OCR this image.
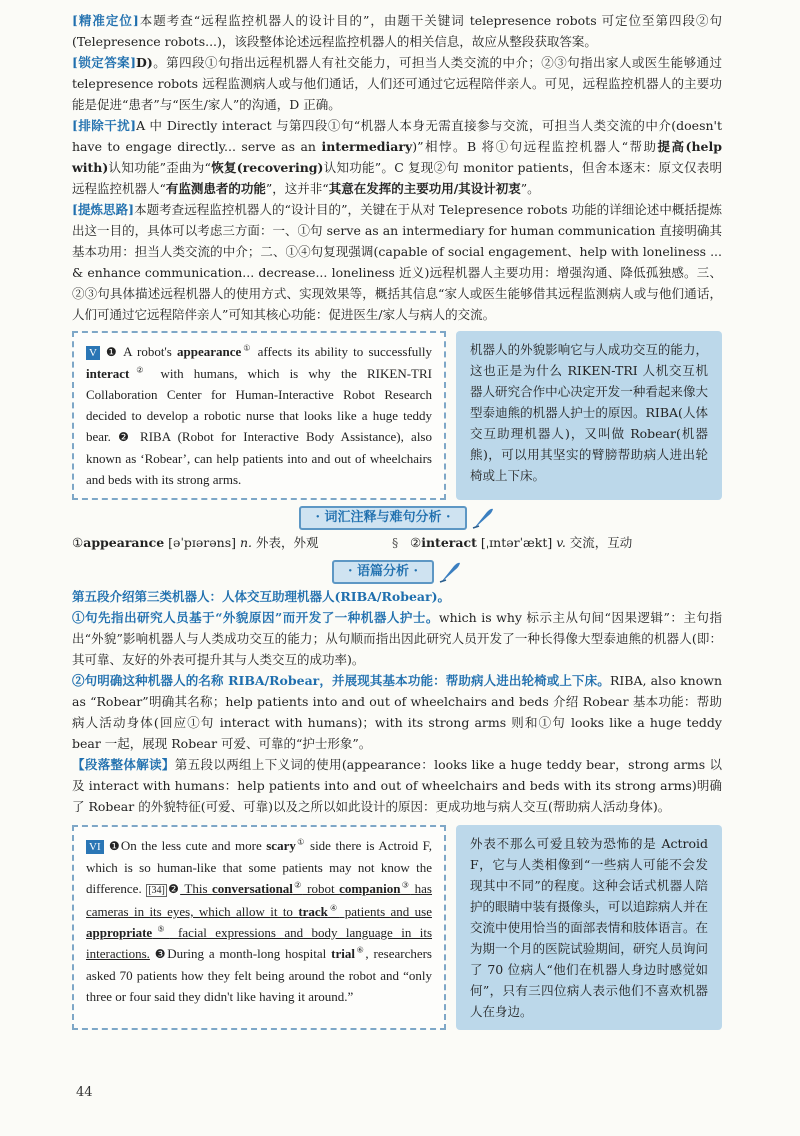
[精准定位]本题考查“远程监控机器人的设计目的”，由题干关键词 telepresence robots 可定位至第四段②句(Telepresence robots...)，该段整体论述远程监控机器人的相关信息，故应从整段获取答案。

[锁定答案]D)。第四段①句指出远程机器人有社交能力，可担当人类交流的中介；②③句指出家人或医生能够通过 telepresence robots 远程监测病人或与他们通话，人们还可通过它远程陪伴亲人。可见，远程监控机器人的主要功能是促进“患者”与“医生/家人”的沟通，D 正确。

[排除干扰]A 中 Directly interact 与第四段①句“机器人本身无需直接参与交流，可担当人类交流的中介(doesn't have to engage directly... serve as an intermediary)”相悖。B 将①句远程监控机器人“帮助提高(help with)认知功能”歪曲为“恢复(recovering)认知功能”。C 复现②句 monitor patients，但舍本逐末：原文仅表明远程监控机器人“有监测患者的功能”，这并非“其意在发挥的主要功用/其设计初衷”。

[提炼思路]本题考查远程监控机器人的“设计目的”，关键在于从对 Telepresence robots 功能的详细论述中概括提炼出这一目的，具体可以考虑三方面：一、①句 serve as an intermediary for human communication 直接明确其基本功用：担当人类交流的中介；二、①④句复现强调(capable of social engagement、help with loneliness ... & enhance communication... decrease... loneliness 近义)远程机器人主要功用：增强沟通、降低孤独感。三、②③句具体描述远程机器人的使用方式、实现效果等，概括其信息“家人或医生能够借其远程监测病人或与他们通话，人们可通过它远程陪伴亲人”可知其核心功能：促进医生/家人与病人的交流。

V ❶ A robot's appearance① affects its ability to successfully interact② with humans, which is why the RIKEN-TRI Collaboration Center for Human-Interactive Robot Research decided to develop a robotic nurse that looks like a huge teddy bear. ❷ RIBA (Robot for Interactive Body Assistance), also known as ‘Robear’, can help patients into and out of wheelchairs and beds with its strong arms.
机器人的外貌影响它与人成功交互的能力，这也正是为什么 RIKEN-TRI 人机交互机器人研究合作中心决定开发一种看起来像大型泰迪熊的机器人护士的原因。RIBA(人体交互助理机器人)，又叫做 Robear(机器熊)，可以用其坚实的臂膀帮助病人进出轮椅或上下床。
· 词汇注释与难句分析 ·
①appearance [əˈpɪərəns] n. 外表，外观	§ ②interact [ˌɪntərˈækt] v. 交流，互动
· 语篇分析 ·

第五段介绍第三类机器人：人体交互助理机器人(RIBA/Robear)。

①句先指出研究人员基于“外貌原因”而开发了一种机器人护士。which is why 标示主从句间“因果逻辑”：主句指出“外貌”影响机器人与人类成功交互的能力；从句顺而指出因此研究人员开发了一种长得像大型泰迪熊的机器人(即：其可靠、友好的外表可提升其与人类交互的成功率)。

②句明确这种机器人的名称 RIBA/Robear，并展现其基本功能：帮助病人进出轮椅或上下床。RIBA, also known as “Robear”明确其名称；help patients into and out of wheelchairs and beds 介绍 Robear 基本功能：帮助病人活动身体(回应①句 interact with humans)；with its strong arms 则和①句 looks like a huge teddy bear 一起，展现 Robear 可爱、可靠的“护士形象”。

【段落整体解读】第五段以两组上下义词的使用(appearance：looks like a huge teddy bear，strong arms 以及 interact with humans：help patients into and out of wheelchairs and beds with its strong arms)明确了 Robear 的外貌特征(可爱、可靠)以及之所以如此设计的原因：更成功地与病人交互(帮助病人活动身体)。

VI ❶On the less cute and more scary① side there is Actroid F, which is so human-like that some patients may not know the difference. [34] ❷ This conversational② robot companion③ has cameras in its eyes, which allow it to track④ patients and use appropriate⑤ facial expressions and body language in its interactions. ❸During a month-long hospital trial⑥, researchers asked 70 patients how they felt being around the robot and “only three or four said they didn't like having it around.”
外表不那么可爱且较为恐怖的是 Actroid F，它与人类相像到“一些病人可能不会发现其中不同”的程度。这种会话式机器人陪护的眼睛中装有摄像头，可以追踪病人并在交流中使用恰当的面部表情和肢体语言。在为期一个月的医院试验期间，研究人员询问了 70 位病人“他们在机器人身边时感觉如何”，只有三四位病人表示他们不喜欢机器人在身边。
44
